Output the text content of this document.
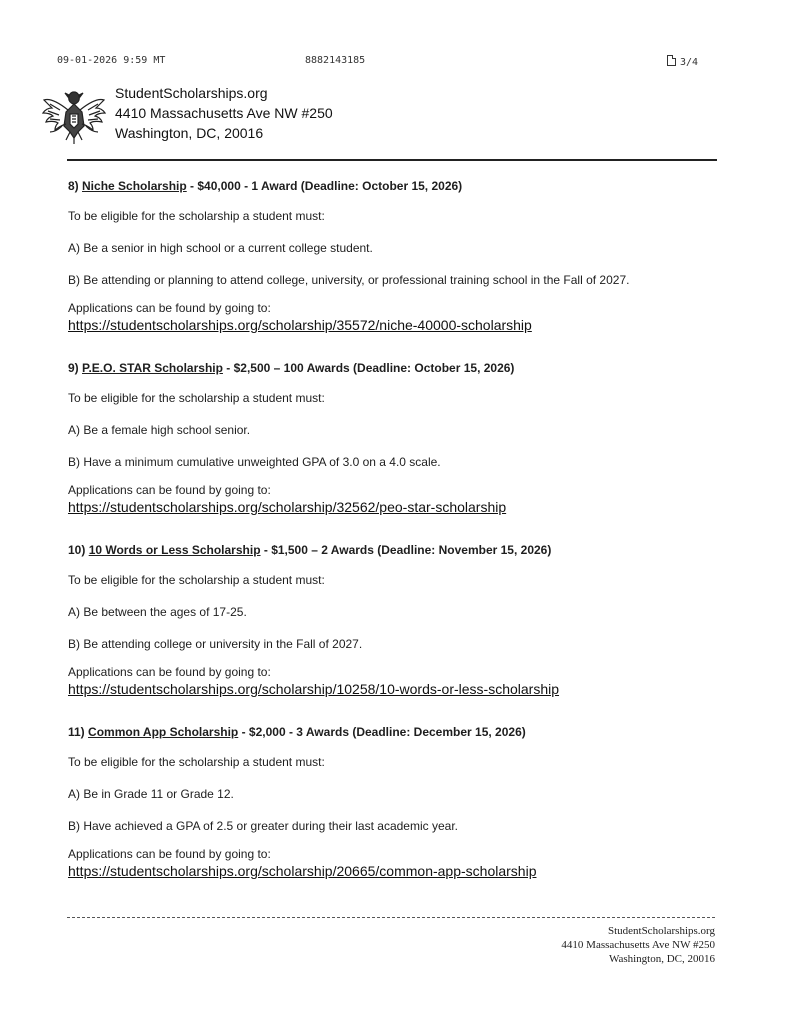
09-01-2026 9:59 MT	8882143185	3/4
StudentScholarships.org
4410 Massachusetts Ave NW #250
Washington, DC, 20016
8) Niche Scholarship - $40,000 - 1 Award (Deadline: October 15, 2026)
To be eligible for the scholarship a student must:
A) Be a senior in high school or a current college student.
B) Be attending or planning to attend college, university, or professional training school in the Fall of 2027.
Applications can be found by going to:
https://studentscholarships.org/scholarship/35572/niche-40000-scholarship
9) P.E.O. STAR Scholarship - $2,500 – 100 Awards (Deadline: October 15, 2026)
To be eligible for the scholarship a student must:
A) Be a female high school senior.
B) Have a minimum cumulative unweighted GPA of 3.0 on a 4.0 scale.
Applications can be found by going to:
https://studentscholarships.org/scholarship/32562/peo-star-scholarship
10) 10 Words or Less Scholarship - $1,500 – 2 Awards (Deadline: November 15, 2026)
To be eligible for the scholarship a student must:
A) Be between the ages of 17-25.
B) Be attending college or university in the Fall of 2027.
Applications can be found by going to:
https://studentscholarships.org/scholarship/10258/10-words-or-less-scholarship
11) Common App Scholarship - $2,000 - 3 Awards (Deadline: December 15, 2026)
To be eligible for the scholarship a student must:
A) Be in Grade 11 or Grade 12.
B) Have achieved a GPA of 2.5 or greater during their last academic year.
Applications can be found by going to:
https://studentscholarships.org/scholarship/20665/common-app-scholarship
StudentScholarships.org
4410 Massachusetts Ave NW #250
Washington, DC, 20016
